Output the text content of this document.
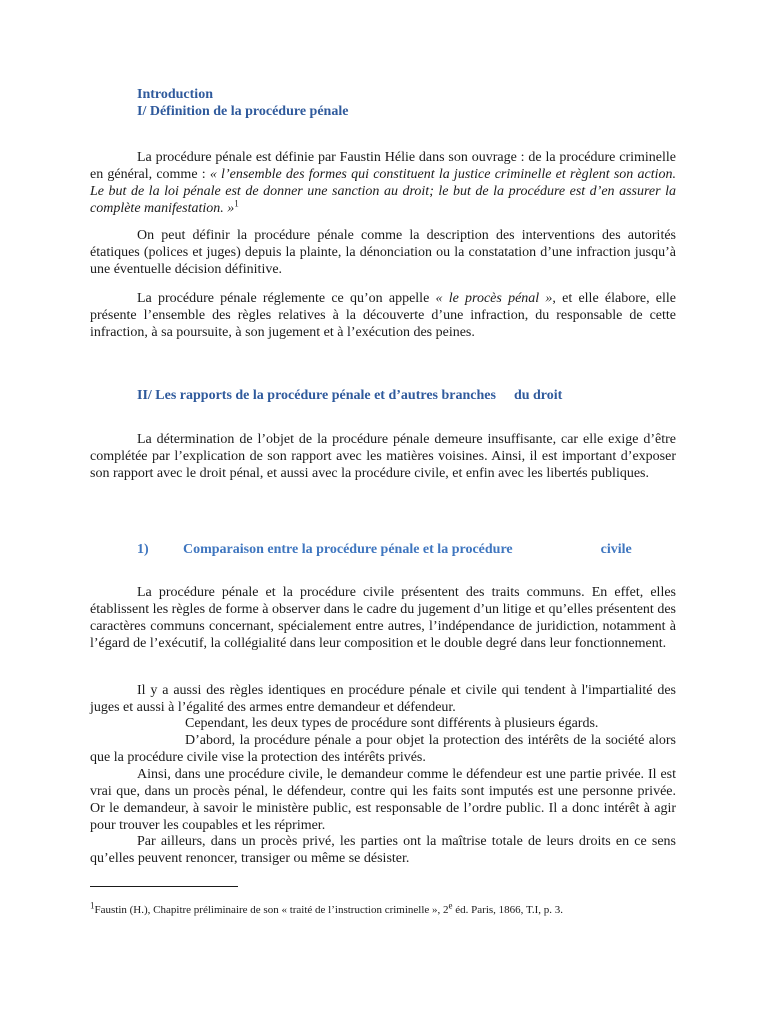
Introduction

I/ Définition de la procédure pénale

La procédure pénale est définie par Faustin Hélie dans son ouvrage : de la procédure criminelle en général, comme : « l’ensemble des formes qui constituent la justice criminelle et règlent son action. Le but de la loi pénale est de donner une sanction au droit; le but de la procédure est d’en assurer la complète manifestation. »$^1$

On peut définir la procédure pénale comme la description des interventions des autorités étatiques (polices et juges) depuis la plainte, la dénonciation ou la constatation d’une infraction jusqu’à une éventuelle décision définitive.

La procédure pénale réglemente ce qu’on appelle « le procès pénal », et elle élabore, elle présente l’ensemble des règles relatives à la découverte d’une infraction, du responsable de cette infraction, à sa poursuite, à son jugement et à l’exécution des peines.

II/ Les rapports de la procédure pénale et d’autres branches du droit

La détermination de l’objet de la procédure pénale demeure insuffisante, car elle exige d’être complétée par l’explication de son rapport avec les matières voisines. Ainsi, il est important d’exposer son rapport avec le droit pénal, et aussi avec la procédure civile, et enfin avec les libertés publiques.

1) Comparaison entre la procédure pénale et la procédure	civile

La procédure pénale et la procédure civile présentent des traits communs. En effet, elles établissent les règles de forme à observer dans le cadre du jugement d’un litige et qu’elles présentent des caractères communs concernant, spécialement entre autres, l’indépendance de juridiction, notamment à l’égard de l’exécutif, la collégialité dans leur composition et le double degré dans leur fonctionnement.

Il y a aussi des règles identiques en procédure pénale et civile qui tendent à l'impartialité des juges et aussi à l’égalité des armes entre demandeur et défendeur.

Cependant, les deux types de procédure sont différents à plusieurs égards.

D’abord, la procédure pénale a pour objet la protection des intérêts de la société alors que la procédure civile vise la protection des intérêts privés.

Ainsi, dans une procédure civile, le demandeur comme le défendeur est une partie privée. Il est vrai que, dans un procès pénal, le défendeur, contre qui les faits sont imputés est une personne privée. Or le demandeur, à savoir le ministère public, est responsable de l’ordre public. Il a donc intérêt à agir pour trouver les coupables et les réprimer.

Par ailleurs, dans un procès privé, les parties ont la maîtrise totale de leurs droits en ce sens qu’elles peuvent renoncer, transiger ou même se désister.

$^1$Faustin (H.), Chapitre préliminaire de son « traité de l’instruction criminelle », 2e éd. Paris, 1866, T.I, p. 3.
